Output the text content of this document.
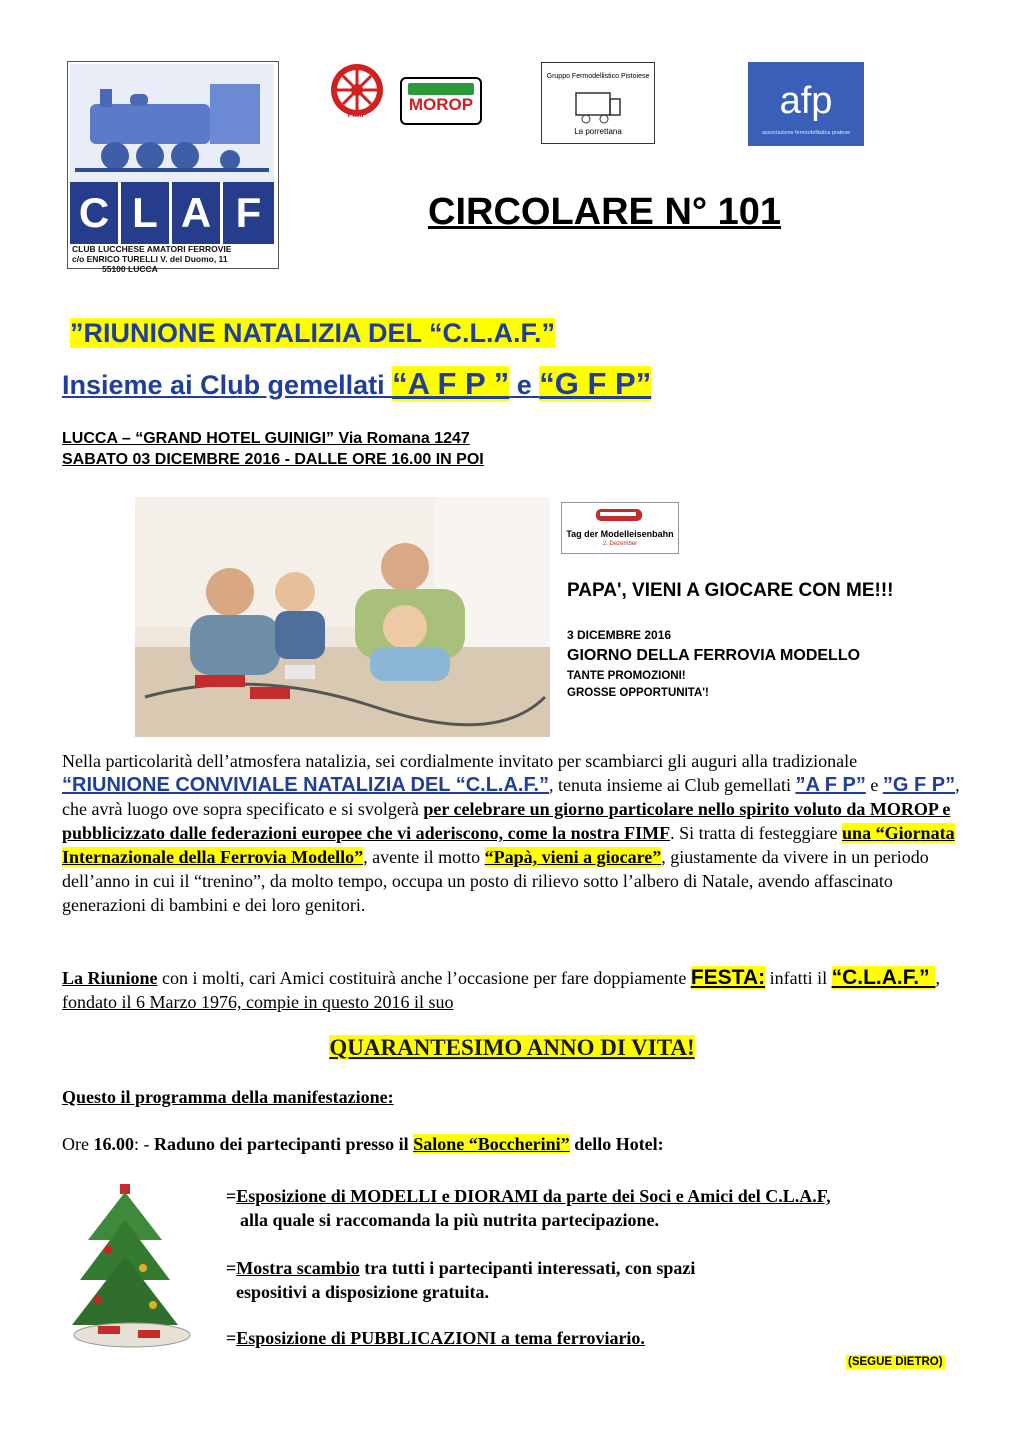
C L A F
CLUB LUCCHESE AMATORI FERROVIE
c/o ENRICO TURELLI V. del Duomo, 11
55100 LUCCA
FIMF
MOROP
Gruppo Fermodellistico Pistoiese
La porrettana
afp
associazione fermodellistica pratese
CIRCOLARE N° 101
”RIUNIONE NATALIZIA DEL “C.L.A.F.”
Insieme ai Club gemellati “A F P ” e “G F P”
LUCCA – “GRAND HOTEL GUINIGI” Via Romana 1247
SABATO 03 DICEMBRE 2016 - DALLE ORE 16.00 IN POI
Tag der Modelleisenbahn
2. Dezember
PAPA', VIENI A GIOCARE CON ME!!!
3 DICEMBRE 2016
GIORNO DELLA FERROVIA MODELLO
TANTE PROMOZIONI!
GROSSE OPPORTUNITA'!

Nella particolarità dell’atmosfera natalizia, sei cordialmente invitato per scambiarci gli auguri alla tradizionale “RIUNIONE CONVIVIALE NATALIZIA DEL “C.L.A.F.”, tenuta insieme ai Club gemellati ”A F P” e ”G F P”, che avrà luogo ove sopra specificato e si svolgerà per celebrare un giorno particolare nello spirito voluto da MOROP e pubblicizzato dalle federazioni europee che vi aderiscono, come la nostra FIMF. Si tratta di festeggiare una “Giornata Internazionale della Ferrovia Modello”, avente il motto “Papà, vieni a giocare”, giustamente da vivere in un periodo dell’anno in cui il “trenino”, da molto tempo, occupa un posto di rilievo sotto l’albero di Natale, avendo affascinato generazioni di bambini e dei loro genitori.

La Riunione con i molti, cari Amici costituirà anche l’occasione per fare doppiamente FESTA: infatti il “C.L.A.F.” , fondato il 6 Marzo 1976, compie in questo 2016 il suo

QUARANTESIMO ANNO DI VITA!
Questo il programma della manifestazione:
Ore 16.00: - Raduno dei partecipanti presso il Salone “Boccherini” dello Hotel:
=Esposizione di MODELLI e DIORAMI da parte dei Soci e Amici del C.L.A.F,
alla quale si raccomanda la più nutrita partecipazione.
=Mostra scambio tra tutti i partecipanti interessati, con spazi
espositivi a disposizione gratuita.
=Esposizione di PUBBLICAZIONI a tema ferroviario.
(SEGUE DIETRO)
